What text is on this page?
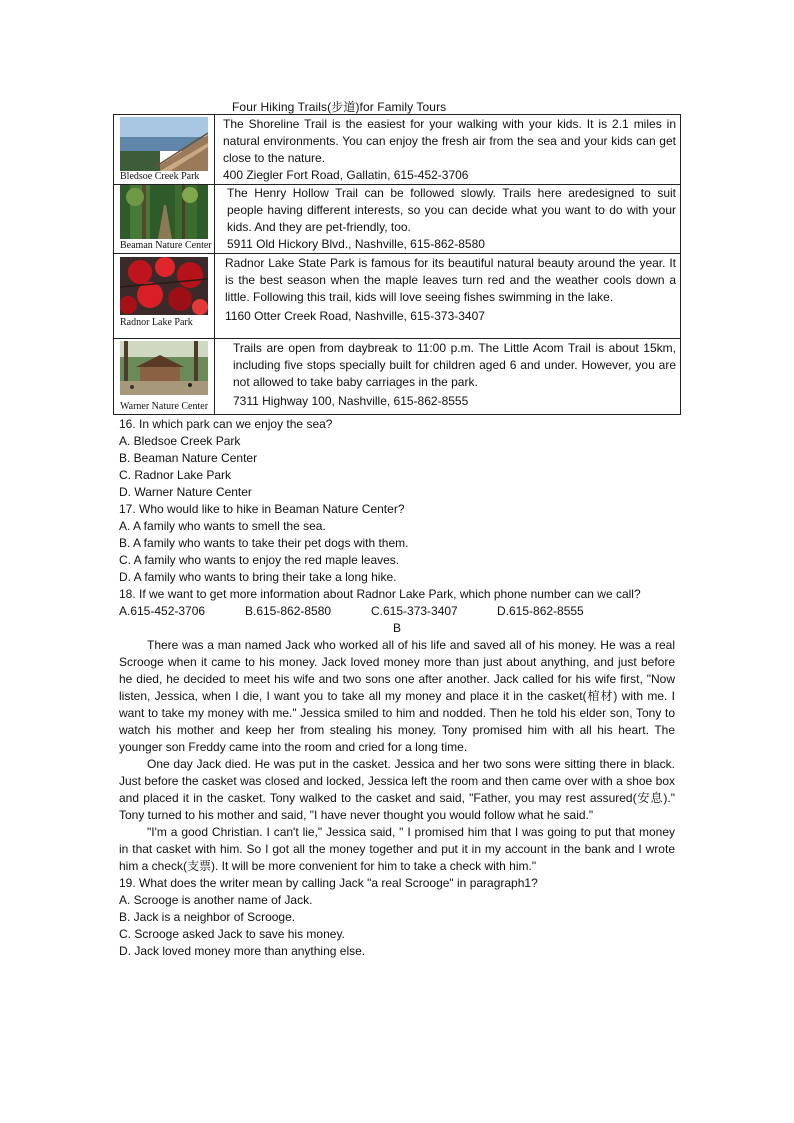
Four Hiking Trails(步道)for Family Tours
Bledsoe Creek Park	The Shoreline Trail is the easiest for your walking with your kids. It is 2.1 miles in natural environments. You can enjoy the fresh air from the sea and your kids can get close to the nature.
400 Ziegler Fort Road, Gallatin, 615-452-3706

Beaman Nature Center	The Henry Hollow Trail can be followed slowly. Trails here aredesigned to suit people having different interests, so you can decide what you want to do with your kids. And they are pet-friendly, too.
5911 Old Hickory Blvd., Nashville, 615-862-8580

Radnor Lake Park	Radnor Lake State Park is famous for its beautiful natural beauty around the year. It is the best season when the maple leaves turn red and the weather cools down a little. Following this trail, kids will love seeing fishes swimming in the lake.
1160 Otter Creek Road, Nashville, 615-373-3407

Warner Nature Center	Trails are open from daybreak to 11:00 p.m. The Little Acom Trail is about 15km, including five stops specially built for children aged 6 and under. However, you are not allowed to take baby carriages in the park.
7311 Highway 100, Nashville, 615-862-8555

16. In which park can we enjoy the sea?

A. Bledsoe Creek Park

B. Beaman Nature Center

C. Radnor Lake Park

D. Warner Nature Center

17. Who would like to hike in Beaman Nature Center?

A. A family who wants to smell the sea.

B. A family who wants to take their pet dogs with them.

C. A family who wants to enjoy the red maple leaves.

D. A family who wants to bring their take a long hike.

18. If we want to get more information about Radnor Lake Park, which phone number can we call?

A.615-452-3706	B.615-862-8580	C.615-373-3407	D.615-862-8555

B

There was a man named Jack who worked all of his life and saved all of his money. He was a real Scrooge when it came to his money. Jack loved money more than just about anything, and just before he died, he decided to meet his wife and two sons one after another. Jack called for his wife first, "Now listen, Jessica, when I die, I want you to take all my money and place it in the casket(棺材) with me. I want to take my money with me." Jessica smiled to him and nodded. Then he told his elder son, Tony to watch his mother and keep her from stealing his money. Tony promised him with all his heart. The younger son Freddy came into the room and cried for a long time.

One day Jack died. He was put in the casket. Jessica and her two sons were sitting there in black. Just before the casket was closed and locked, Jessica left the room and then came over with a shoe box and placed it in the casket. Tony walked to the casket and said, "Father, you may rest assured(安息)." Tony turned to his mother and said, "I have never thought you would follow what he said."

"I'm a good Christian. I can't lie," Jessica said, " I promised him that I was going to put that money in that casket with him. So I got all the money together and put it in my account in the bank and I wrote him a check(支票). It will be more convenient for him to take a check with him."

19. What does the writer mean by calling Jack "a real Scrooge" in paragraph1?

A. Scrooge is another name of Jack.

B. Jack is a neighbor of Scrooge.

C. Scrooge asked Jack to save his money.

D. Jack loved money more than anything else.
